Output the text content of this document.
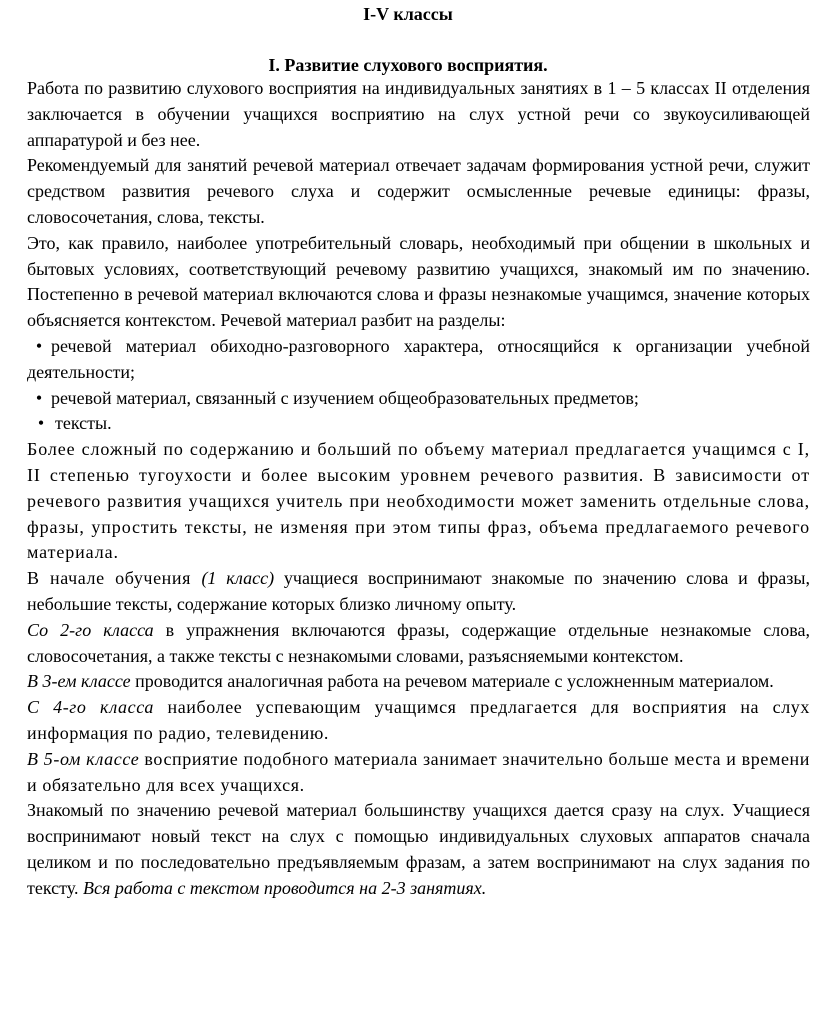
I-V классы
I. Развитие слухового восприятия.

Работа по развитию слухового восприятия на индивидуальных занятиях в 1 – 5 классах II отделения заключается в обучении учащихся восприятию на слух устной речи со звукоусиливающей аппаратурой и без нее.

Рекомендуемый для занятий речевой материал отвечает задачам формирования устной речи, служит средством развития речевого слуха и содержит осмысленные речевые единицы: фразы, словосочетания, слова, тексты.

Это, как правило, наиболее употребительный словарь, необходимый при общении в школьных и бытовых условиях, соответствующий речевому развитию учащихся, знакомый им по значению. Постепенно в речевой материал включаются слова и фразы незнакомые учащимся, значение которых объясняется контекстом. Речевой материал разбит на разделы:

• речевой материал обиходно-разговорного характера, относящийся к организации учебной деятельности;

• речевой материал, связанный с изучением общеобразовательных предметов;

• тексты.

Более сложный по содержанию и больший по объему материал предлагается учащимся с I, II степенью тугоухости и более высоким уровнем речевого развития. В зависимости от речевого развития учащихся учитель при необходимости может заменить отдельные слова, фразы, упростить тексты, не изменяя при этом типы фраз, объема предлагаемого речевого материала.

В начале обучения (1 класс) учащиеся воспринимают знакомые по значению слова и фразы, небольшие тексты, содержание которых близко личному опыту.

Со 2-го класса в упражнения включаются фразы, содержащие отдельные незнакомые слова, словосочетания, а также тексты с незнакомыми словами, разъясняемыми контекстом.

В 3-ем классе проводится аналогичная работа на речевом материале с усложненным материалом.

С 4-го класса наиболее успевающим учащимся предлагается для восприятия на слух информация по радио, телевидению.

В 5-ом классе восприятие подобного материала занимает значительно больше места и времени и обязательно для всех учащихся.

Знакомый по значению речевой материал большинству учащихся дается сразу на слух. Учащиеся воспринимают новый текст на слух с помощью индивидуальных слуховых аппаратов сначала целиком и по последовательно предъявляемым фразам, а затем воспринимают на слух задания по тексту. Вся работа с текстом проводится на 2-3 занятиях.
